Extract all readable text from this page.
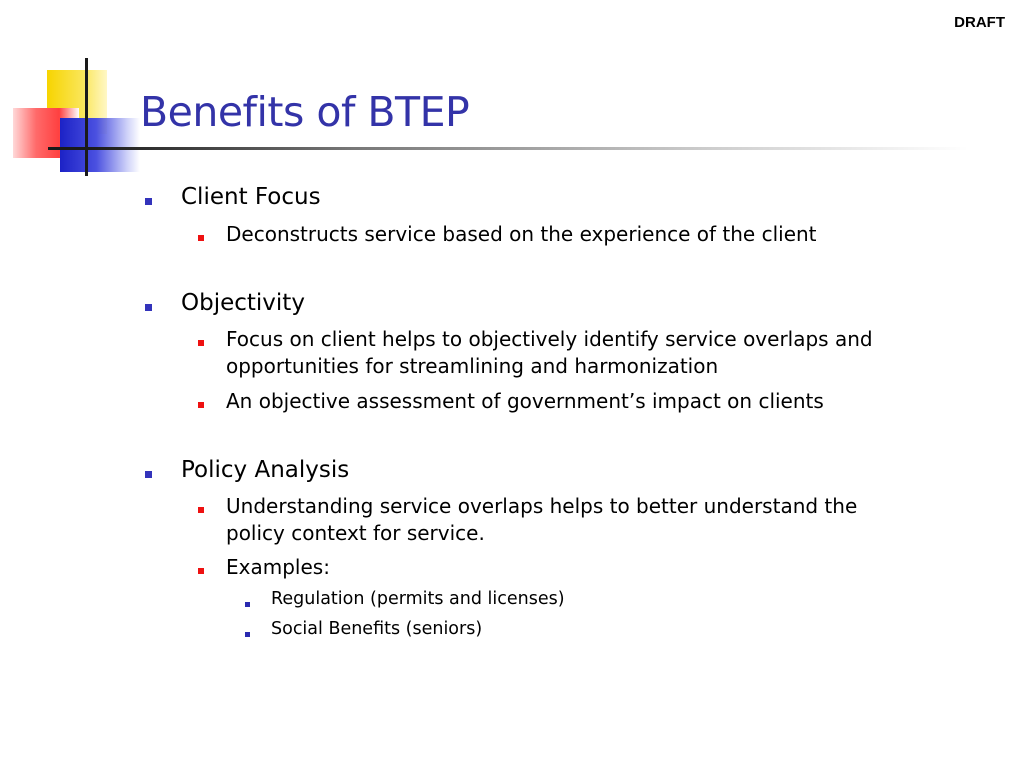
DRAFT
Benefits of BTEP
Client Focus
Deconstructs service based on the experience of the client
Objectivity
Focus on client helps to objectively identify service overlaps and
opportunities for streamlining and harmonization
An objective assessment of government’s impact on clients
Policy Analysis
Understanding service overlaps helps to better understand the
policy context for service.
Examples:
Regulation (permits and licenses)
Social Benefits (seniors)
